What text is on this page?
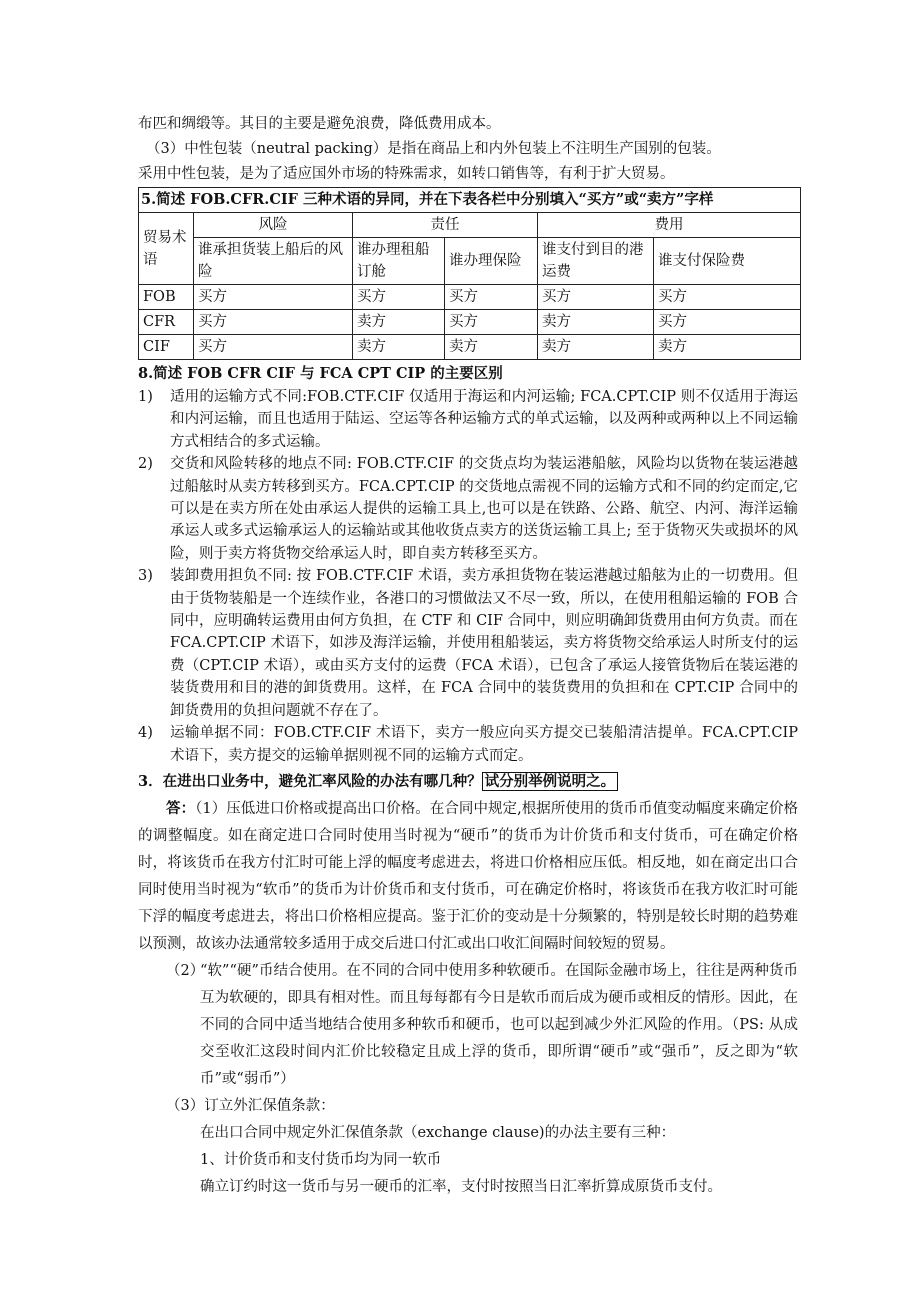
布匹和绸缎等。其目的主要是避免浪费，降低费用成本。
（3）中性包装（neutral packing）是指在商品上和内外包装上不注明生产国别的包装。
采用中性包装，是为了适应国外市场的特殊需求，如转口销售等，有利于扩大贸易。
5.简述 FOB.CFR.CIF 三种术语的异同，并在下表各栏中分别填入“买方”或“卖方”字样					
贸易术语	风险	责任		费用	
	谁承担货装上船后的风险	谁办理租船订舱	谁办理保险	谁支付到目的港运费	谁支付保险费
FOB	买方	买方	买方	买方	买方
CFR	买方	卖方	买方	卖方	买方
CIF	买方	卖方	卖方	卖方	卖方
8.简述 FOB CFR CIF 与 FCA CPT CIP 的主要区别
1)	适用的运输方式不同:FOB.CTF.CIF 仅适用于海运和内河运输; FCA.CPT.CIP 则不仅适用于海运和内河运输，而且也适用于陆运、空运等各种运输方式的单式运输，以及两种或两种以上不同运输方式相结合的多式运输。
2)	交货和风险转移的地点不同: FOB.CTF.CIF 的交货点均为装运港船舷，风险均以货物在装运港越过船舷时从卖方转移到买方。FCA.CPT.CIP 的交货地点需视不同的运输方式和不同的约定而定,它可以是在卖方所在处由承运人提供的运输工具上,也可以是在铁路、公路、航空、内河、海洋运输承运人或多式运输承运人的运输站或其他收货点卖方的送货运输工具上; 至于货物灭失或损坏的风险，则于卖方将货物交给承运人时，即自卖方转移至买方。
3)	装卸费用担负不同: 按 FOB.CTF.CIF 术语，卖方承担货物在装运港越过船舷为止的一切费用。但由于货物装船是一个连续作业，各港口的习惯做法又不尽一致，所以，在使用租船运输的 FOB 合同中，应明确转运费用由何方负担，在 CTF 和 CIF 合同中，则应明确卸货费用由何方负责。而在 FCA.CPT.CIP 术语下，如涉及海洋运输，并使用租船装运，卖方将货物交给承运人时所支付的运费（CPT.CIP 术语），或由买方支付的运费（FCA 术语），已包含了承运人接管货物后在装运港的装货费用和目的港的卸货费用。这样，在 FCA 合同中的装货费用的负担和在 CPT.CIP 合同中的卸货费用的负担问题就不存在了。
4)	运输单据不同：FOB.CTF.CIF 术语下，卖方一般应向买方提交已装船清洁提单。FCA.CPT.CIP 术语下，卖方提交的运输单据则视不同的运输方式而定。
3．在进出口业务中，避免汇率风险的办法有哪几种？ 试分别举例说明之。
答：（1）压低进口价格或提高出口价格。在合同中规定,根据所使用的货币币值变动幅度来确定价格的调整幅度。如在商定进口合同时使用当时视为“硬币”的货币为计价货币和支付货币，可在确定价格时，将该货币在我方付汇时可能上浮的幅度考虑进去，将进口价格相应压低。相反地，如在商定出口合同时使用当时视为“软币”的货币为计价货币和支付货币，可在确定价格时，将该货币在我方收汇时可能下浮的幅度考虑进去，将出口价格相应提高。鉴于汇价的变动是十分频繁的，特别是较长时期的趋势难以预测，故该办法通常较多适用于成交后进口付汇或出口收汇间隔时间较短的贸易。
（2）
“软”“硬”币结合使用。在不同的合同中使用多种软硬币。在国际金融市场上，往往是两种货币互为软硬的，即具有相对性。而且每每都有今日是软币而后成为硬币或相反的情形。因此，在不同的合同中适当地结合使用多种软币和硬币，也可以起到减少外汇风险的作用。（PS: 从成交至收汇这段时间内汇价比较稳定且成上浮的货币，即所谓“硬币”或“强币”，反之即为“软币”或“弱币”）
（3）订立外汇保值条款：
在出口合同中规定外汇保值条款（exchange clause)的办法主要有三种：
1、计价货币和支付货币均为同一软币
确立订约时这一货币与另一硬币的汇率，支付时按照当日汇率折算成原货币支付。
